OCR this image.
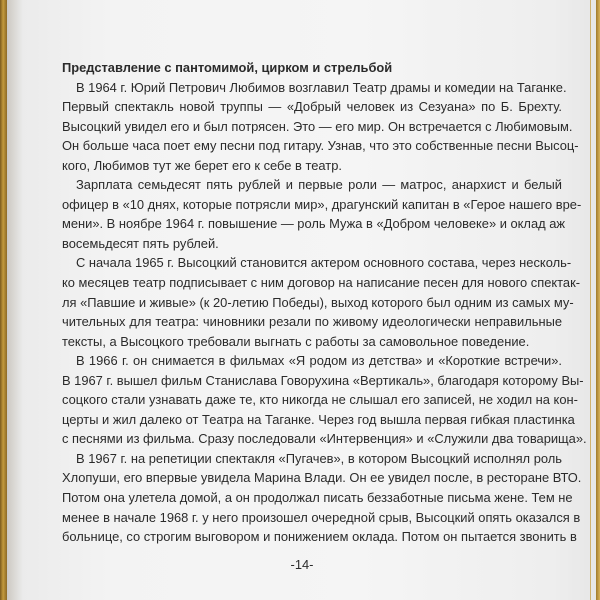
Представление с пантомимой, цирком и стрельбой
В 1964 г. Юрий Петрович Любимов возглавил Театр драмы и комедии на Таганке.
Первый спектакль новой труппы — «Добрый человек из Сезуана» по Б. Брехту.
Высоцкий увидел его и был потрясен. Это — его мир. Он встречается с Любимовым.
Он больше часа поет ему песни под гитару. Узнав, что это собственные песни Высоц-
кого, Любимов тут же берет его к себе в театр.
Зарплата семьдесят пять рублей и первые роли — матрос, анархист и белый
офицер в «10 днях, которые потрясли мир», драгунский капитан в «Герое нашего вре-
мени». В ноябре 1964 г. повышение — роль Мужа в «Добром человеке» и оклад аж
восемьдесят пять рублей.
С начала 1965 г. Высоцкий становится актером основного состава, через несколь-
ко месяцев театр подписывает с ним договор на написание песен для нового спектак-
ля «Павшие и живые» (к 20-летию Победы), выход которого был одним из самых му-
чительных для театра: чиновники резали по живому идеологически неправильные
тексты, а Высоцкого требовали выгнать с работы за самовольное поведение.
В 1966 г. он снимается в фильмах «Я родом из детства» и «Короткие встречи».
В 1967 г. вышел фильм Станислава Говорухина «Вертикаль», благодаря которому Вы-
соцкого стали узнавать даже те, кто никогда не слышал его записей, не ходил на кон-
церты и жил далеко от Театра на Таганке. Через год вышла первая гибкая пластинка
с песнями из фильма. Сразу последовали «Интервенция» и «Служили два товарища».
В 1967 г. на репетиции спектакля «Пугачев», в котором Высоцкий исполнял роль
Хлопуши, его впервые увидела Марина Влади. Он ее увидел после, в ресторане ВТО.
Потом она улетела домой, а он продолжал писать беззаботные письма жене. Тем не
менее в начале 1968 г. у него произошел очередной срыв, Высоцкий опять оказался в
больнице, со строгим выговором и понижением оклада. Потом он пытается звонить в
-14-
